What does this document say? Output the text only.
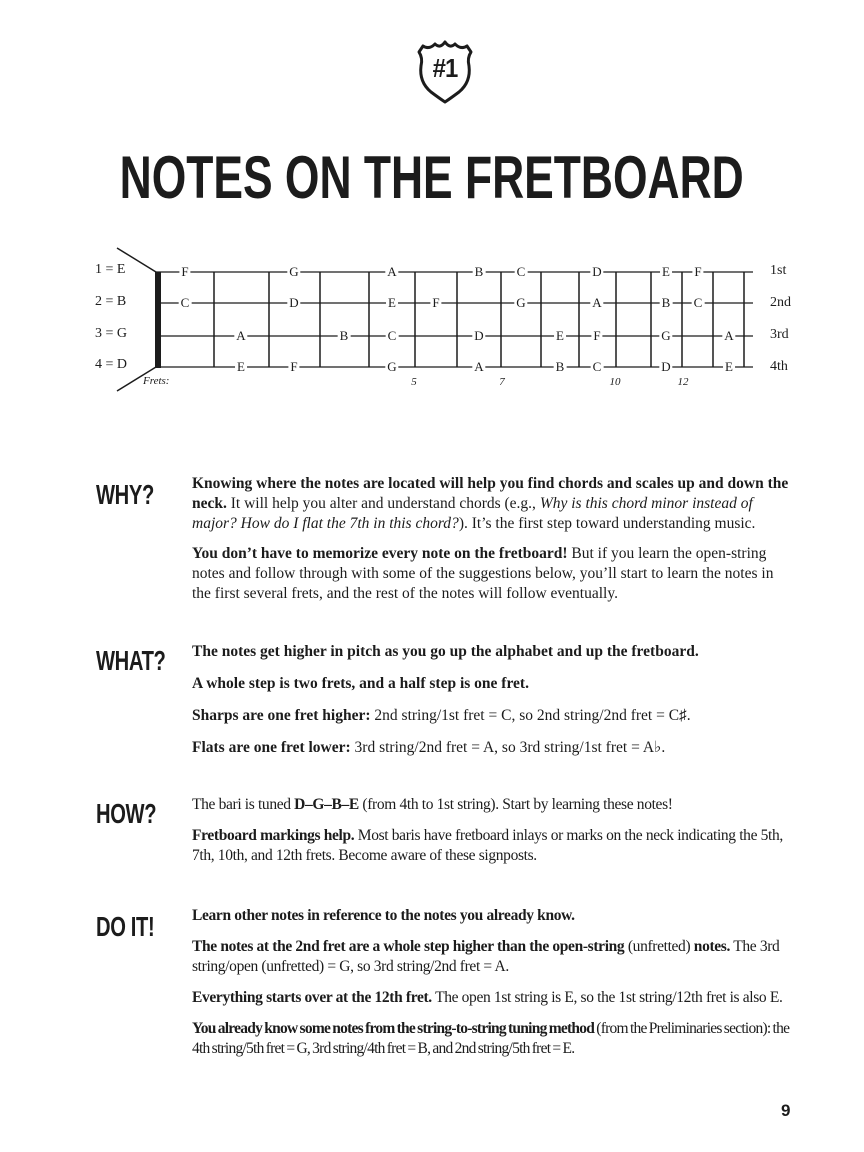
#1
NOTES ON THE FRETBOARD
1 = E
2 = B
3 = G
4 = D
1st
2nd
3rd
4th
F	G	A	B	C	D	E F
C	D	E	F	G	A	B C
A	B	C	D	E F	G	A
E	F	G	A	B C	D	E
Frets:	5	7	10	12
WHY? Knowing where the notes are located will help you find chords and scales up and down the neck. It will help you alter and understand chords (e.g., Why is this chord minor instead of major? How do I flat the 7th in this chord?). It’s the first step toward understanding music.

You don’t have to memorize every note on the fretboard! But if you learn the open-string notes and follow through with some of the suggestions below, you’ll start to learn the notes in the first several frets, and the rest of the notes will follow eventually.

WHAT? The notes get higher in pitch as you go up the alphabet and up the fretboard.

A whole step is two frets, and a half step is one fret.

Sharps are one fret higher: 2nd string/1st fret = C, so 2nd string/2nd fret = C♯.

Flats are one fret lower: 3rd string/2nd fret = A, so 3rd string/1st fret = A♭.

HOW? The bari is tuned D–G–B–E (from 4th to 1st string). Start by learning these notes!

Fretboard markings help. Most baris have fretboard inlays or marks on the neck indicating the 5th, 7th, 10th, and 12th frets. Become aware of these signposts.

DO IT! Learn other notes in reference to the notes you already know.

The notes at the 2nd fret are a whole step higher than the open-string (unfretted) notes. The 3rd string/open (unfretted) = G, so 3rd string/2nd fret = A.

Everything starts over at the 12th fret. The open 1st string is E, so the 1st string/12th fret is also E.

You already know some notes from the string-to-string tuning method (from the Preliminaries section): the 4th string/5th fret = G, 3rd string/4th fret = B, and 2nd string/5th fret = E.

9
